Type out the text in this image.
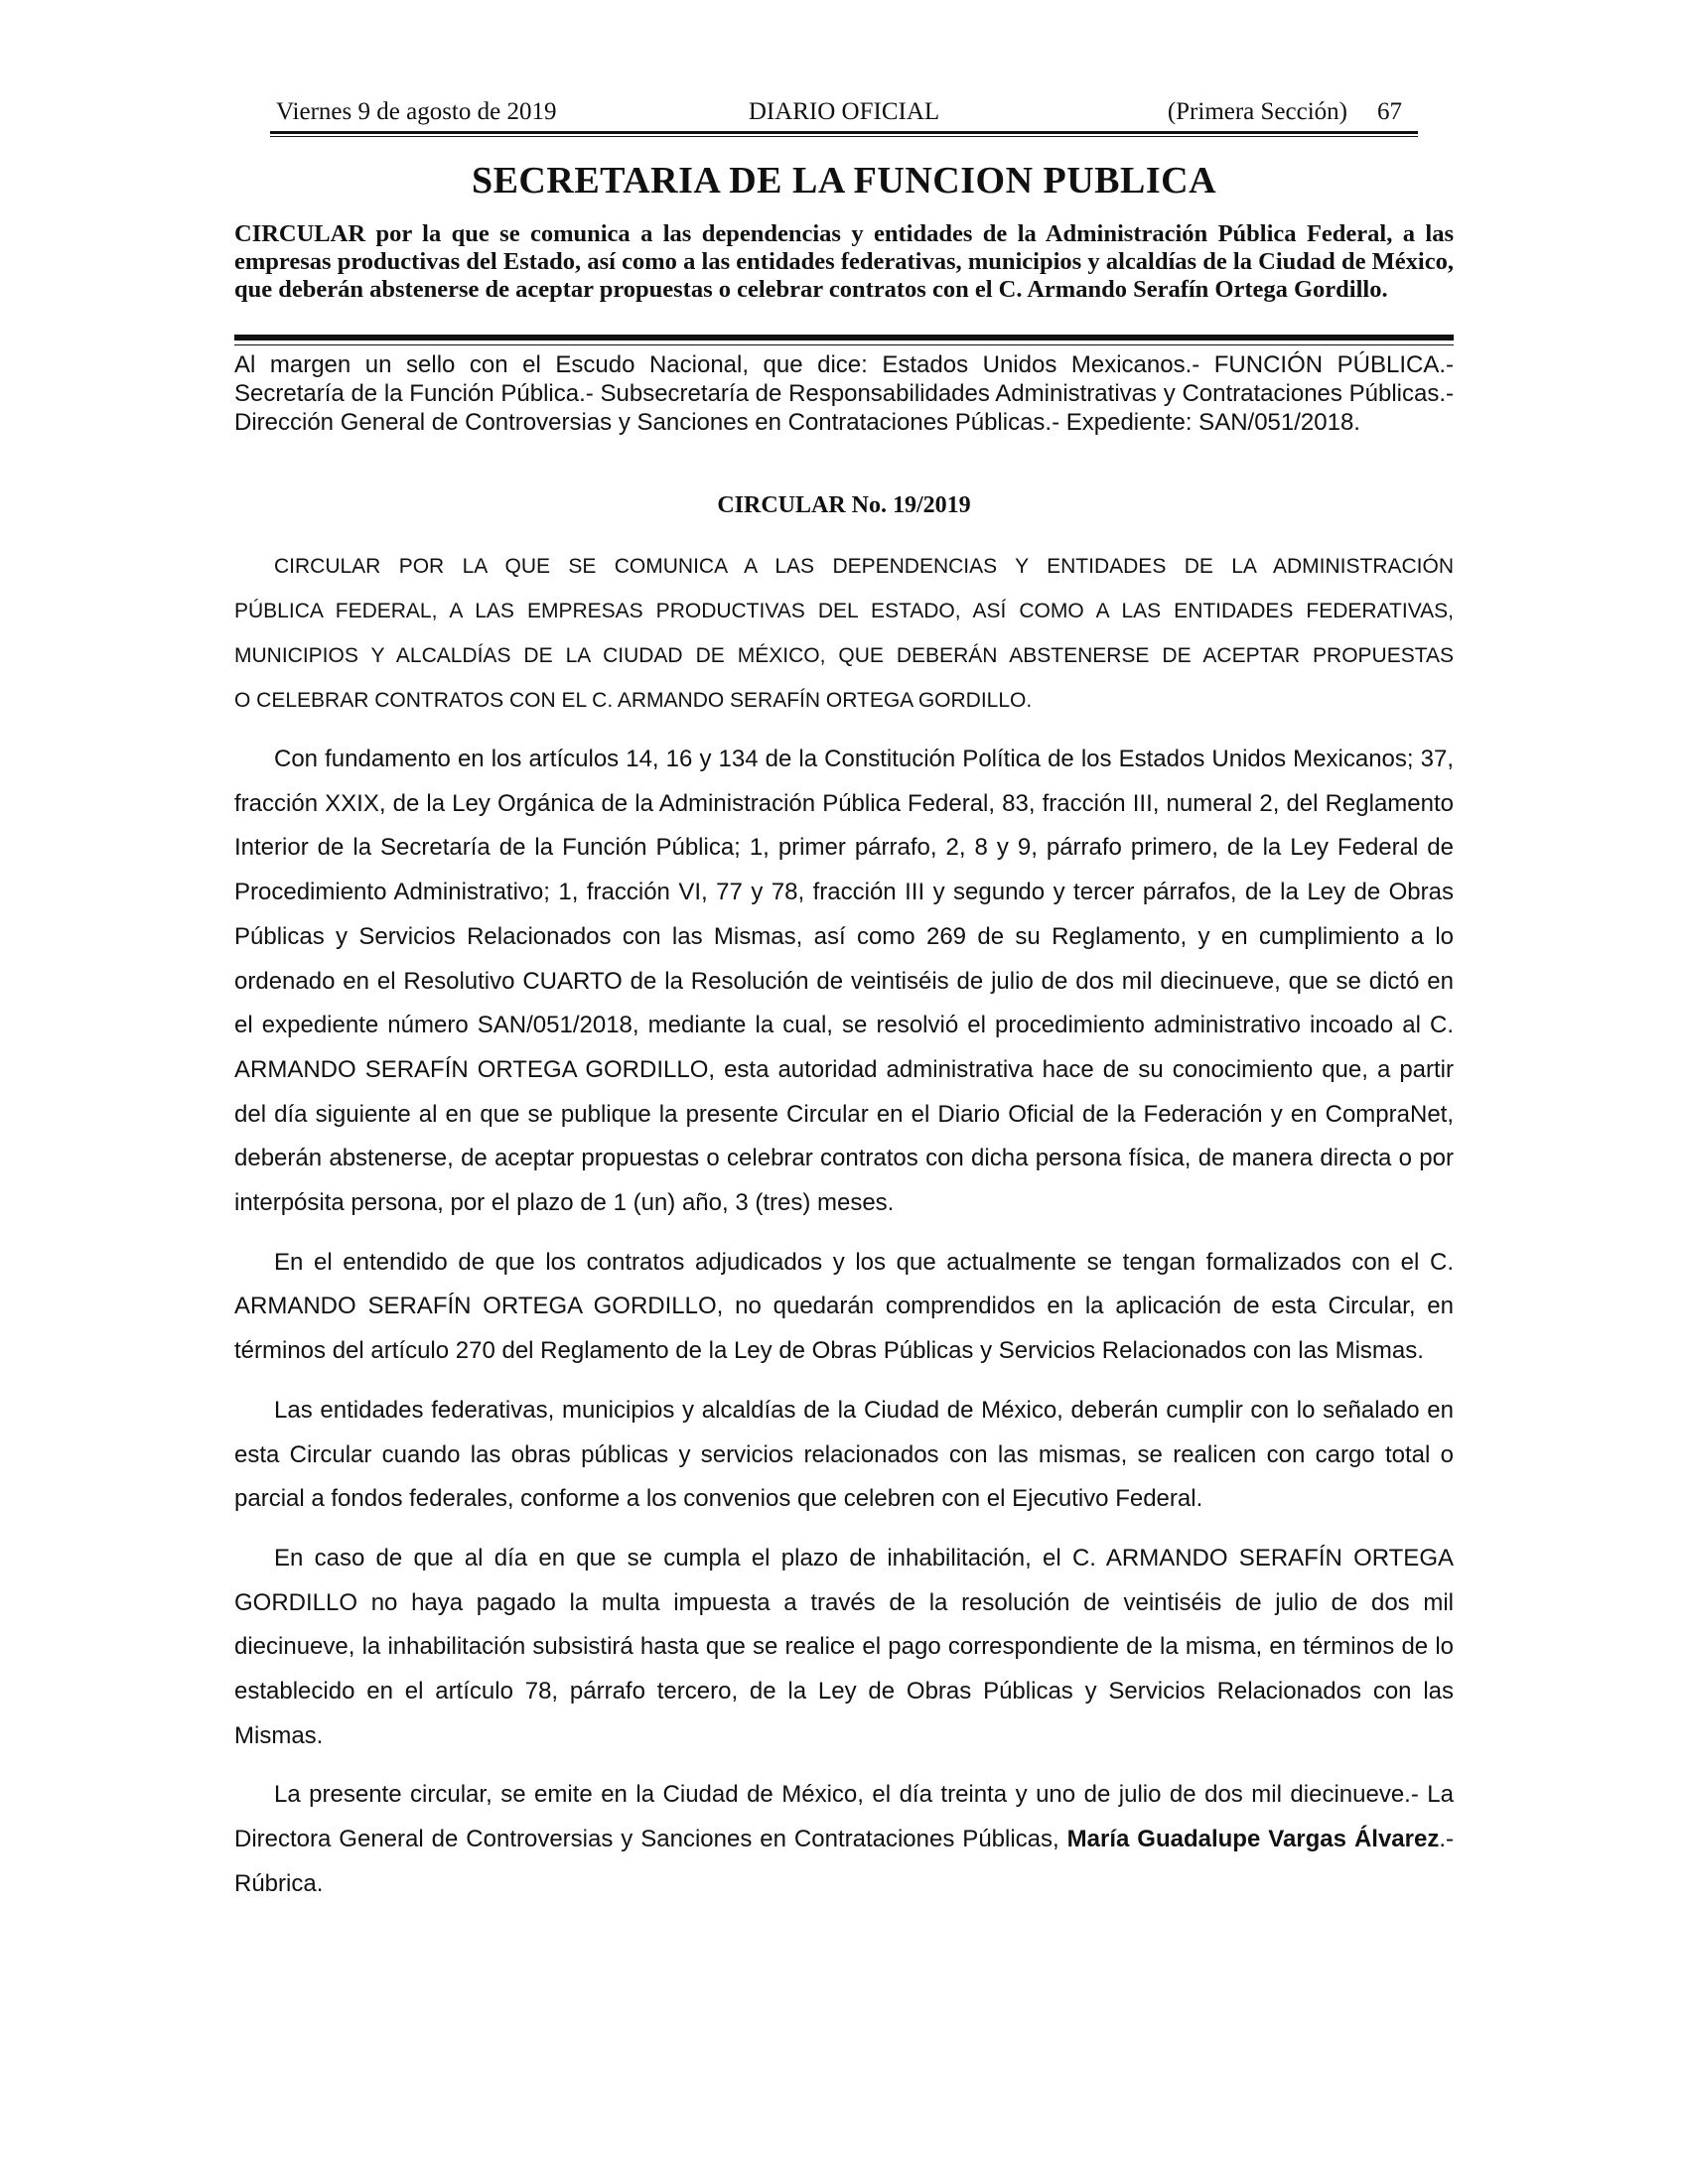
Viernes 9 de agosto de 2019	DIARIO OFICIAL	(Primera Sección) 67
SECRETARIA DE LA FUNCION PUBLICA
CIRCULAR por la que se comunica a las dependencias y entidades de la Administración Pública Federal, a las empresas productivas del Estado, así como a las entidades federativas, municipios y alcaldías de la Ciudad de México, que deberán abstenerse de aceptar propuestas o celebrar contratos con el C. Armando Serafín Ortega Gordillo.
Al margen un sello con el Escudo Nacional, que dice: Estados Unidos Mexicanos.- FUNCIÓN PÚBLICA.- Secretaría de la Función Pública.- Subsecretaría de Responsabilidades Administrativas y Contrataciones Públicas.- Dirección General de Controversias y Sanciones en Contrataciones Públicas.- Expediente: SAN/051/2018.
CIRCULAR No. 19/2019

CIRCULAR POR LA QUE SE COMUNICA A LAS DEPENDENCIAS Y ENTIDADES DE LA ADMINISTRACIÓN
PÚBLICA FEDERAL, A LAS EMPRESAS PRODUCTIVAS DEL ESTADO, ASÍ COMO A LAS ENTIDADES FEDERATIVAS,
MUNICIPIOS Y ALCALDÍAS DE LA CIUDAD DE MÉXICO, QUE DEBERÁN ABSTENERSE DE ACEPTAR PROPUESTAS
O CELEBRAR CONTRATOS CON EL C. ARMANDO SERAFÍN ORTEGA GORDILLO.

Con fundamento en los artículos 14, 16 y 134 de la Constitución Política de los Estados Unidos Mexicanos; 37, fracción XXIX, de la Ley Orgánica de la Administración Pública Federal, 83, fracción III, numeral 2, del Reglamento Interior de la Secretaría de la Función Pública; 1, primer párrafo, 2, 8 y 9, párrafo primero, de la Ley Federal de Procedimiento Administrativo; 1, fracción VI, 77 y 78, fracción III y segundo y tercer párrafos, de la Ley de Obras Públicas y Servicios Relacionados con las Mismas, así como 269 de su Reglamento, y en cumplimiento a lo ordenado en el Resolutivo CUARTO de la Resolución de veintiséis de julio de dos mil diecinueve, que se dictó en el expediente número SAN/051/2018, mediante la cual, se resolvió el procedimiento administrativo incoado al C. ARMANDO SERAFÍN ORTEGA GORDILLO, esta autoridad administrativa hace de su conocimiento que, a partir del día siguiente al en que se publique la presente Circular en el Diario Oficial de la Federación y en CompraNet, deberán abstenerse, de aceptar propuestas o celebrar contratos con dicha persona física, de manera directa o por interpósita persona, por el plazo de 1 (un) año, 3 (tres) meses.

En el entendido de que los contratos adjudicados y los que actualmente se tengan formalizados con el C. ARMANDO SERAFÍN ORTEGA GORDILLO, no quedarán comprendidos en la aplicación de esta Circular, en términos del artículo 270 del Reglamento de la Ley de Obras Públicas y Servicios Relacionados con las Mismas.

Las entidades federativas, municipios y alcaldías de la Ciudad de México, deberán cumplir con lo señalado en esta Circular cuando las obras públicas y servicios relacionados con las mismas, se realicen con cargo total o parcial a fondos federales, conforme a los convenios que celebren con el Ejecutivo Federal.

En caso de que al día en que se cumpla el plazo de inhabilitación, el C. ARMANDO SERAFÍN ORTEGA GORDILLO no haya pagado la multa impuesta a través de la resolución de veintiséis de julio de dos mil diecinueve, la inhabilitación subsistirá hasta que se realice el pago correspondiente de la misma, en términos de lo establecido en el artículo 78, párrafo tercero, de la Ley de Obras Públicas y Servicios Relacionados con las Mismas.

La presente circular, se emite en la Ciudad de México, el día treinta y uno de julio de dos mil diecinueve.- La Directora General de Controversias y Sanciones en Contrataciones Públicas, María Guadalupe Vargas Álvarez.- Rúbrica.
